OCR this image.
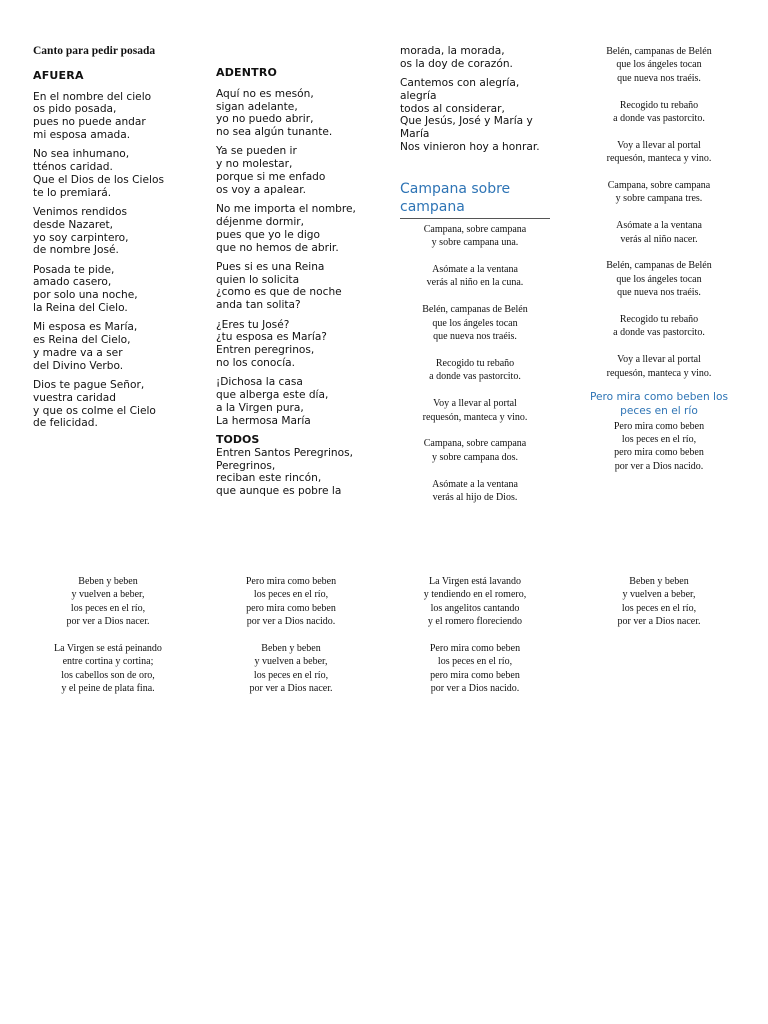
Canto para pedir posada
AFUERA
En el nombre del cielo
os pido posada,
pues no puede andar
mi esposa amada.
No sea inhumano,
tténos caridad.
Que el Dios de los Cielos
te lo premiará.
Venimos rendidos
desde Nazaret,
yo soy carpintero,
de nombre José.
Posada te pide,
amado casero,
por solo una noche,
la Reina del Cielo.
Mi esposa es María,
es Reina del Cielo,
y madre va a ser
del Divino Verbo.
Dios te pague Señor,
vuestra caridad
y que os colme el Cielo
de felicidad.
ADENTRO
Aquí no es mesón,
sigan adelante,
yo no puedo abrir,
no sea algún tunante.
Ya se pueden ir
y no molestar,
porque si me enfado
os voy a apalear.
No me importa el nombre,
déjenme dormir,
pues que yo le digo
que no hemos de abrir.
Pues si es una Reina
quien lo solicita
¿como es que de noche
anda tan solita?
¿Eres tu José?
¿tu esposa es María?
Entren peregrinos,
no los conocía.
¡Dichosa la casa
que alberga este día,
a la Virgen pura,
La hermosa María
TODOS
Entren Santos Peregrinos,
Peregrinos,
reciban este rincón,
que aunque es pobre la
morada, la morada,
os la doy de corazón.
Cantemos con alegría,
alegría
todos al considerar,
Que Jesús, José y María y
María
Nos vinieron hoy a honrar.
Campana sobre campana
Campana, sobre campana
y sobre campana una.
Asómate a la ventana
verás al niño en la cuna.
Belén, campanas de Belén
que los ángeles tocan
que nueva nos traéis.
Recogido tu rebaño
a donde vas pastorcito.
Voy a llevar al portal
requesón, manteca y vino.
Campana, sobre campana
y sobre campana dos.
Asómate a la ventana
verás al hijo de Dios.
Belén, campanas de Belén
que los ángeles tocan
que nueva nos traéis.
Recogido tu rebaño
a donde vas pastorcito.
Voy a llevar al portal
requesón, manteca y vino.
Campana, sobre campana
y sobre campana tres.
Asómate a la ventana
verás al niño nacer.
Belén, campanas de Belén
que los ángeles tocan
que nueva nos traéis.
Recogido tu rebaño
a donde vas pastorcito.
Voy a llevar al portal
requesón, manteca y vino.
Pero mira como beben los peces en el río
Pero mira como beben
los peces en el río,
pero mira como beben
por ver a Dios nacido.
Beben y beben
y vuelven a beber,
los peces en el río,
por ver a Dios nacer.
La Virgen se está peinando
entre cortina y cortina;
los cabellos son de oro,
y el peine de plata fina.
Pero mira como beben
los peces en el río,
pero mira como beben
por ver a Dios nacido.
Beben y beben
y vuelven a beber,
los peces en el río,
por ver a Dios nacer.
La Virgen está lavando
y tendiendo en el romero,
los angelitos cantando
y el romero floreciendo
Pero mira como beben
los peces en el río,
pero mira como beben
por ver a Dios nacido.
Beben y beben
y vuelven a beber,
los peces en el río,
por ver a Dios nacer.
